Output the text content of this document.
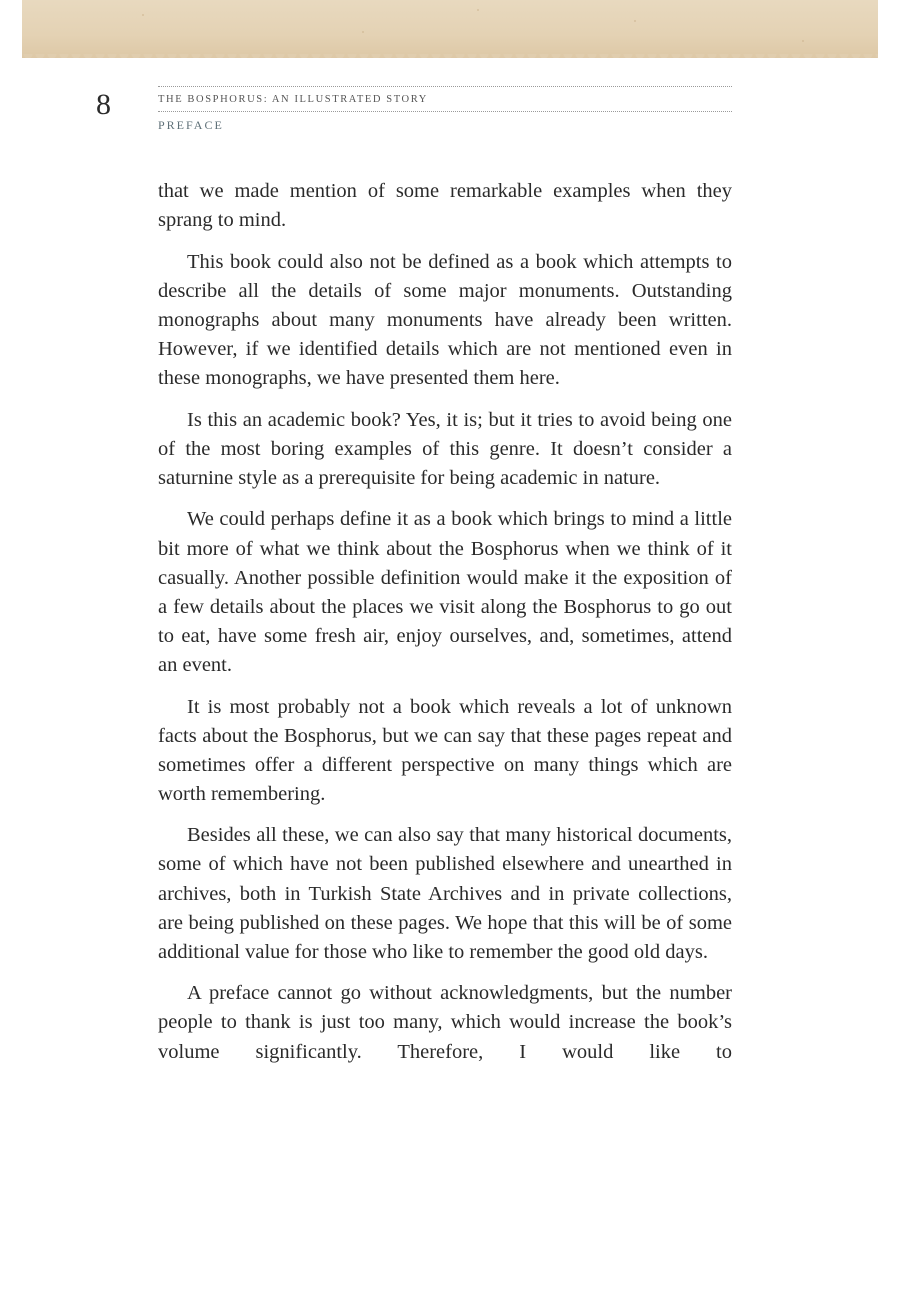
8	THE BOSPHORUS: AN ILLUSTRATED STORY
PREFACE

that we made mention of some remarkable examples when they sprang to mind.

This book could also not be defined as a book which attempts to describe all the details of some major monuments. Outstanding monographs about many monuments have already been written. However, if we identified details which are not mentioned even in these monographs, we have presented them here.

Is this an academic book? Yes, it is; but it tries to avoid being one of the most boring examples of this genre. It doesn’t consider a saturnine style as a prerequisite for being academic in nature.

We could perhaps define it as a book which brings to mind a little bit more of what we think about the Bosphorus when we think of it casually. Another possible definition would make it the exposition of a few details about the places we visit along the Bosphorus to go out to eat, have some fresh air, enjoy ourselves, and, sometimes, attend an event.

It is most probably not a book which reveals a lot of unknown facts about the Bosphorus, but we can say that these pages repeat and sometimes offer a different perspective on many things which are worth remembering.

Besides all these, we can also say that many historical documents, some of which have not been published elsewhere and unearthed in archives, both in Turkish State Archives and in private collections, are being published on these pages. We hope that this will be of some additional value for those who like to remember the good old days.

A preface cannot go without acknowledgments, but the number people to thank is just too many, which would increase the book’s volume significantly. Therefore, I would like to
